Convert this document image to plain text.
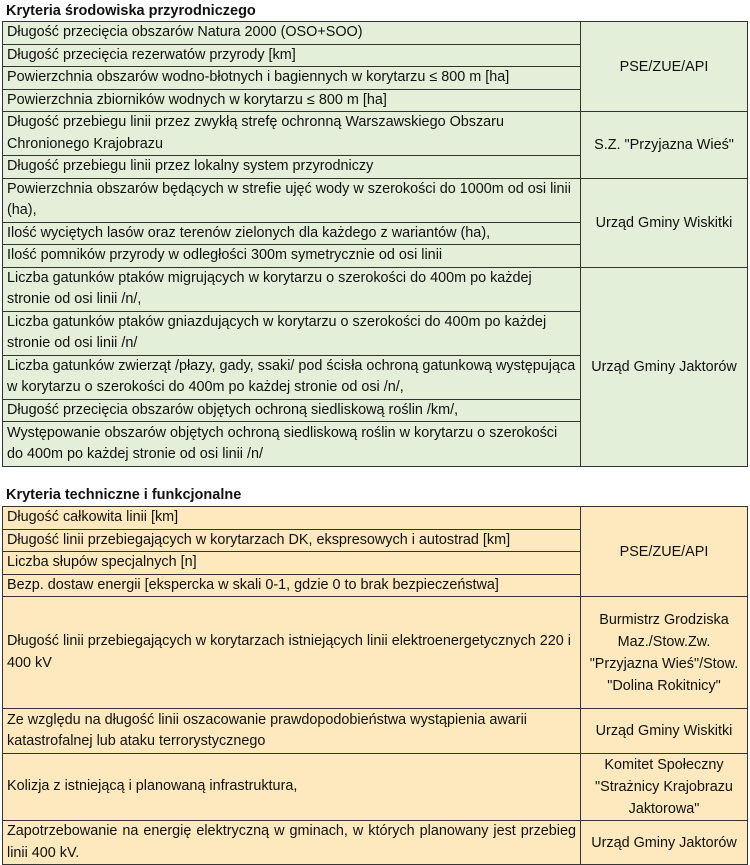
Kryteria środowiska przyrodniczego
Długość przecięcia obszarów Natura 2000 (OSO+SOO)	PSE/ZUE/API
Długość przecięcia rezerwatów przyrody [km]	
Powierzchnia obszarów wodno-błotnych i bagiennych w korytarzu ≤ 800 m [ha]	
Powierzchnia zbiorników wodnych w korytarzu ≤ 800 m [ha]	
Długość przebiegu linii przez zwykłą strefę ochronną Warszawskiego Obszaru Chronionego Krajobrazu	S.Z. "Przyjazna Wieś"
Długość przebiegu linii przez lokalny system przyrodniczy	
Powierzchnia obszarów będących w strefie ujęć wody w szerokości do 1000m od osi linii (ha),	Urząd Gminy Wiskitki
Ilość wyciętych lasów oraz terenów zielonych dla każdego z wariantów (ha),	
Ilość pomników przyrody w odległości 300m symetrycznie od osi linii	
Liczba gatunków ptaków migrujących w korytarzu o szerokości do 400m po każdej stronie od osi linii /n/,	Urząd Gminy Jaktorów
Liczba gatunków ptaków gniazdujących w korytarzu o szerokości do 400m po każdej stronie od osi linii /n/	
Liczba gatunków zwierząt /płazy, gady, ssaki/ pod ścisła ochroną gatunkową występująca w korytarzu o szerokości do 400m po każdej stronie od osi /n/,	
Długość przecięcia obszarów objętych ochroną siedliskową roślin /km/,	
Występowanie obszarów objętych ochroną siedliskową roślin w korytarzu o szerokości do 400m po każdej stronie od osi linii /n/	
Kryteria techniczne i funkcjonalne
Długość całkowita linii [km]	PSE/ZUE/API
Długość linii przebiegających w korytarzach DK, ekspresowych i autostrad [km]	
Liczba słupów specjalnych [n]	
Bezp. dostaw energii [ekspercka w skali 0-1, gdzie 0 to brak bezpieczeństwa]	
Długość linii przebiegających w korytarzach istniejących linii elektroenergetycznych 220 i 400 kV	Burmistrz Grodziska Maz./Stow.Zw. "Przyjazna Wieś"/Stow. "Dolina Rokitnicy"
Ze względu na długość linii oszacowanie prawdopodobieństwa wystąpienia awarii katastrofalnej lub ataku terrorystycznego	Urząd Gminy Wiskitki
Kolizja z istniejącą i planowaną infrastruktura,	Komitet Społeczny "Strażnicy Krajobrazu Jaktorowa"
Zapotrzebowanie na energię elektryczną w gminach, w których planowany jest przebieg linii 400 kV.	Urząd Gminy Jaktorów
